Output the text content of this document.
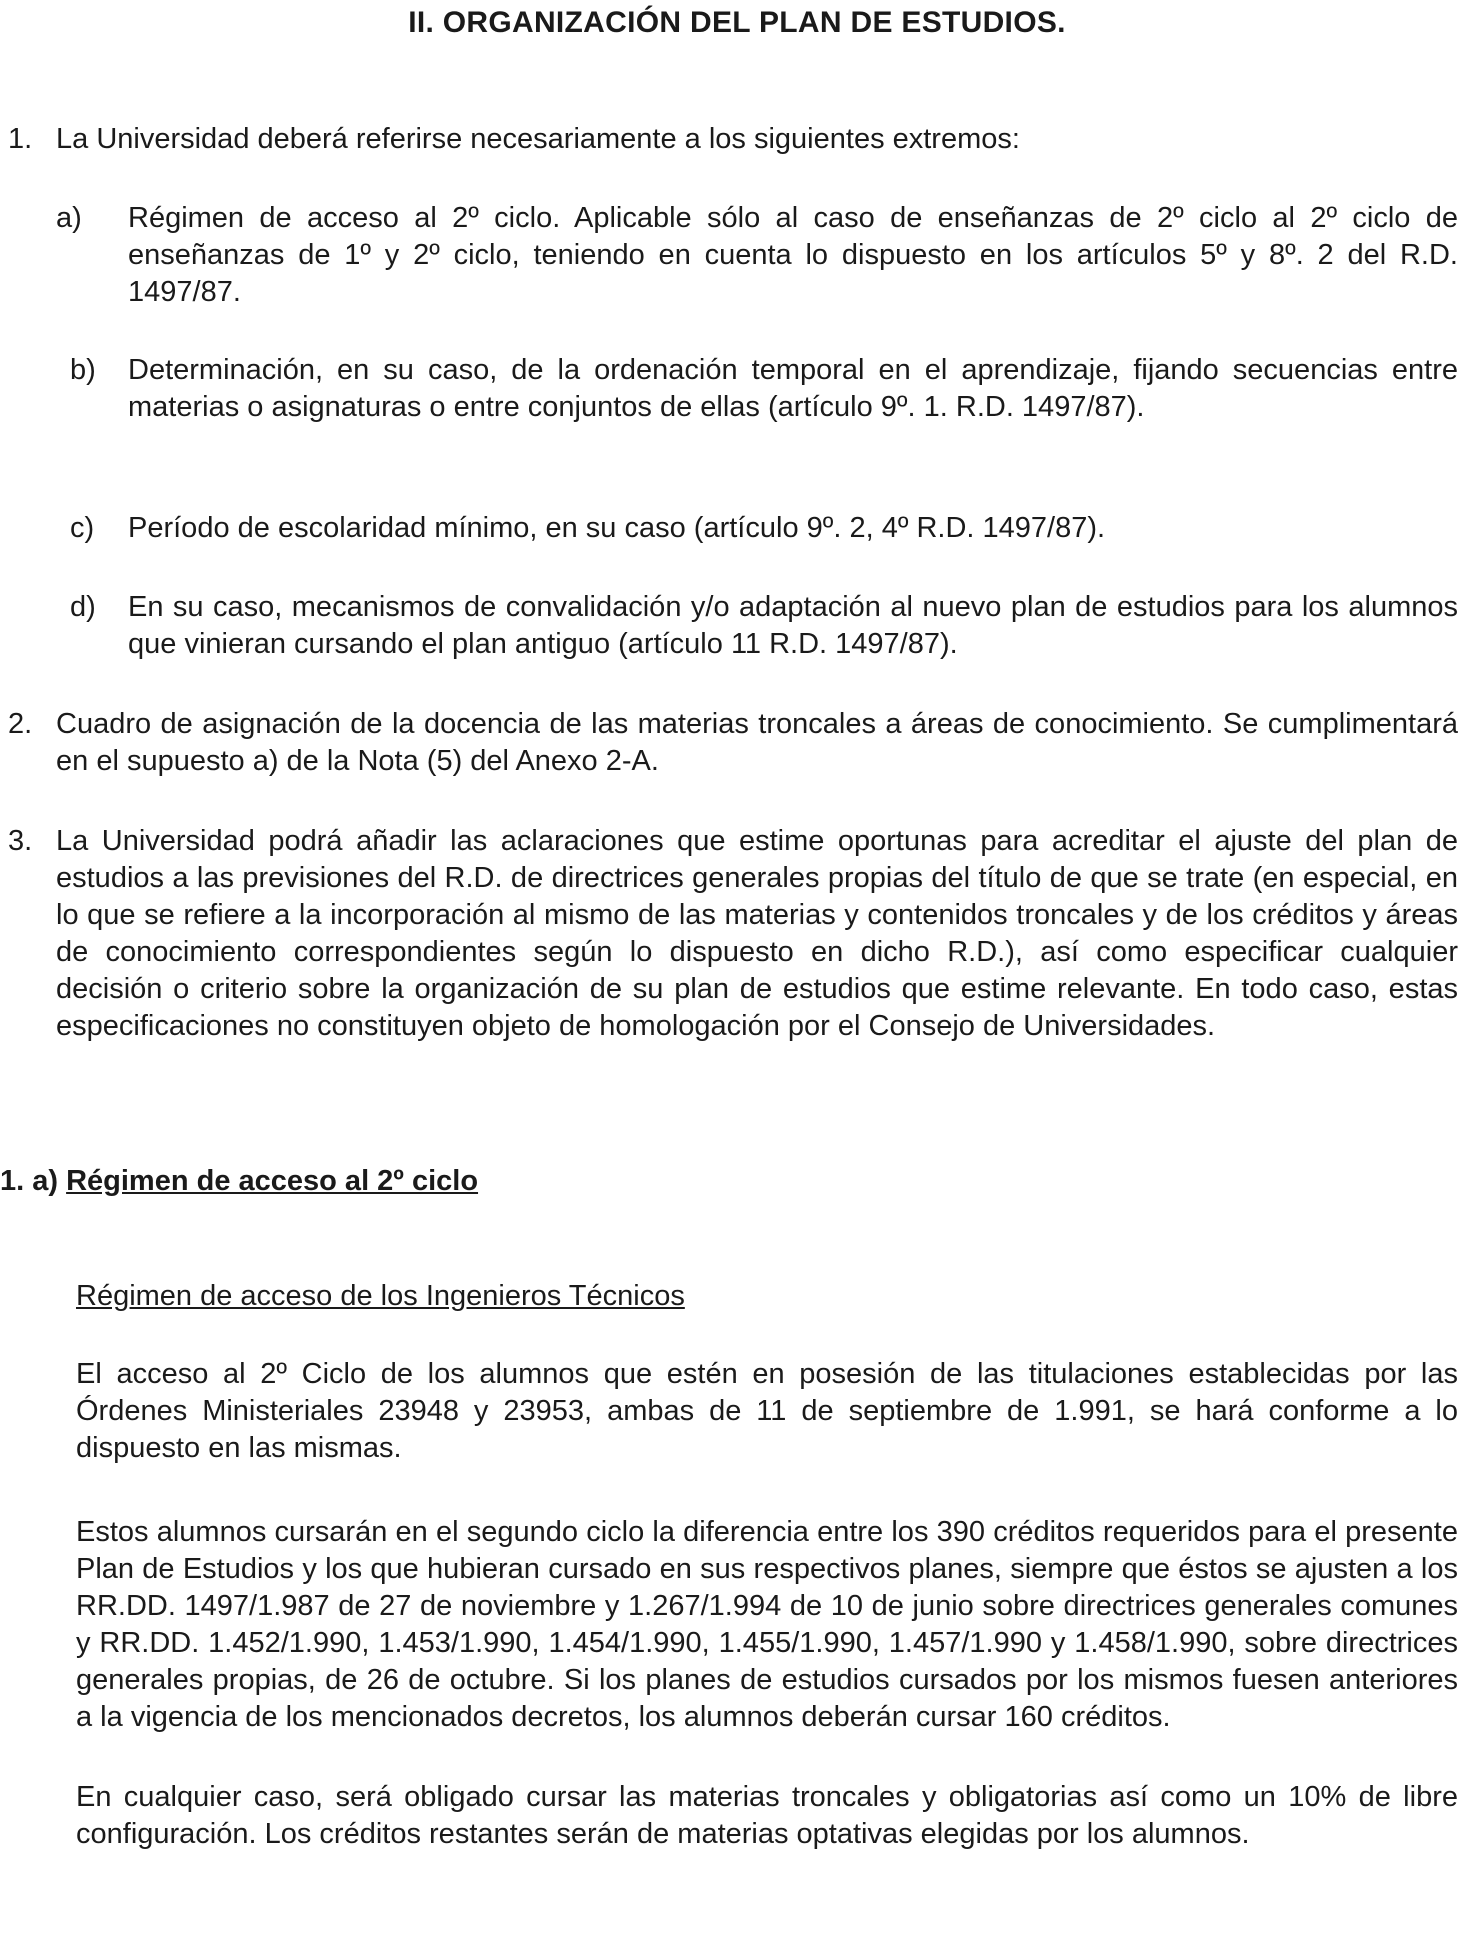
II. ORGANIZACIÓN DEL PLAN DE ESTUDIOS.
1. La Universidad deberá referirse necesariamente a los siguientes extremos:

a) Régimen de acceso al 2º ciclo. Aplicable sólo al caso de enseñanzas de 2º ciclo al 2º ciclo de enseñanzas de 1º y 2º ciclo, teniendo en cuenta lo dispuesto en los artículos 5º y 8º. 2 del R.D. 1497/87.

b) Determinación, en su caso, de la ordenación temporal en el aprendizaje, fijando secuencias entre materias o asignaturas o entre conjuntos de ellas (artículo 9º. 1. R.D. 1497/87).

c) Período de escolaridad mínimo, en su caso (artículo 9º. 2, 4º R.D. 1497/87).

d) En su caso, mecanismos de convalidación y/o adaptación al nuevo plan de estudios para los alumnos que vinieran cursando el plan antiguo (artículo 11 R.D. 1497/87).

2. Cuadro de asignación de la docencia de las materias troncales a áreas de conocimiento. Se cumplimentará en el supuesto a) de la Nota (5) del Anexo 2-A.

3. La Universidad podrá añadir las aclaraciones que estime oportunas para acreditar el ajuste del plan de estudios a las previsiones del R.D. de directrices generales propias del título de que se trate (en especial, en lo que se refiere a la incorporación al mismo de las materias y contenidos troncales y de los créditos y áreas de conocimiento correspondientes según lo dispuesto en dicho R.D.), así como especificar cualquier decisión o criterio sobre la organización de su plan de estudios que estime relevante. En todo caso, estas especificaciones no constituyen objeto de homologación por el Consejo de Universidades.

1. a) Régimen de acceso al 2º ciclo
Régimen de acceso de los Ingenieros Técnicos

El acceso al 2º Ciclo de los alumnos que estén en posesión de las titulaciones establecidas por las Órdenes Ministeriales 23948 y 23953, ambas de 11 de septiembre de 1.991, se hará conforme a lo dispuesto en las mismas.

Estos alumnos cursarán en el segundo ciclo la diferencia entre los 390 créditos requeridos para el presente Plan de Estudios y los que hubieran cursado en sus respectivos planes, siempre que éstos se ajusten a los RR.DD. 1497/1.987 de 27 de noviembre y 1.267/1.994 de 10 de junio sobre directrices generales comunes y RR.DD. 1.452/1.990, 1.453/1.990, 1.454/1.990, 1.455/1.990, 1.457/1.990 y 1.458/1.990, sobre directrices generales propias, de 26 de octubre. Si los planes de estudios cursados por los mismos fuesen anteriores a la vigencia de los mencionados decretos, los alumnos deberán cursar 160 créditos.

En cualquier caso, será obligado cursar las materias troncales y obligatorias así como un 10% de libre configuración. Los créditos restantes serán de materias optativas elegidas por los alumnos.
